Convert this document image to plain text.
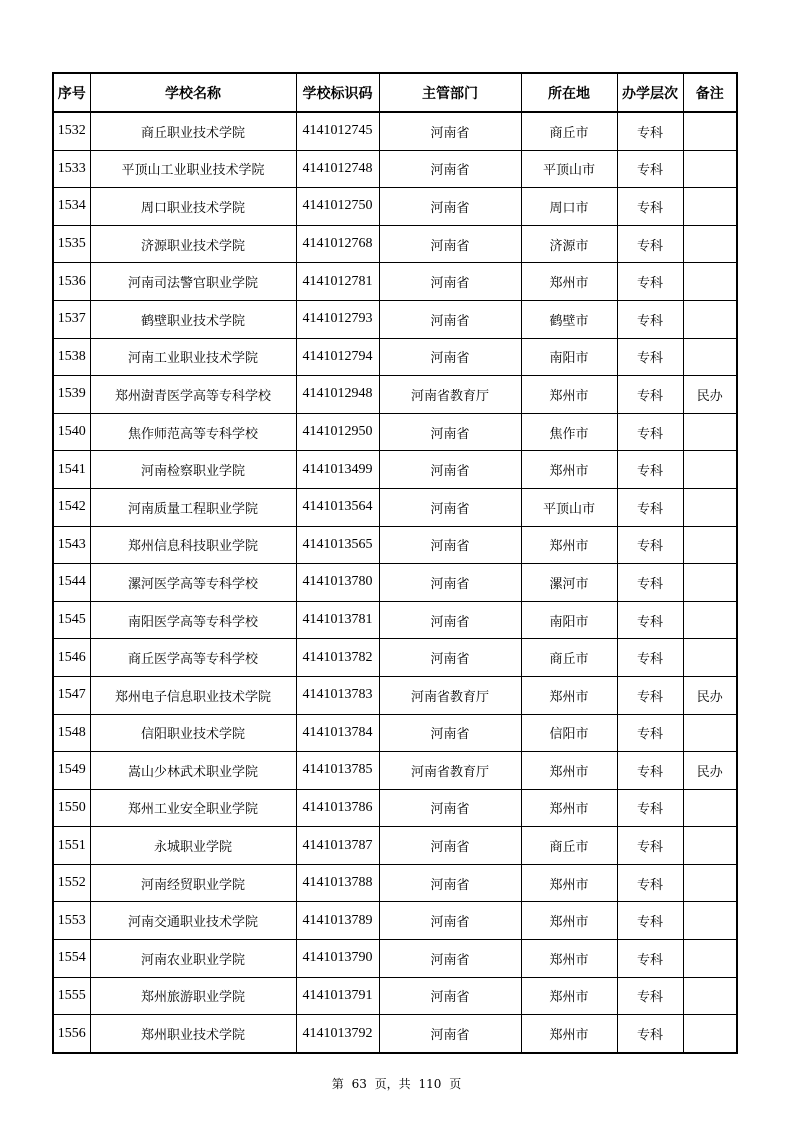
序号	学校名称	学校标识码	主管部门	所在地	办学层次	备注
1532	商丘职业技术学院	4141012745	河南省	商丘市	专科	
1533	平顶山工业职业技术学院	4141012748	河南省	平顶山市	专科	
1534	周口职业技术学院	4141012750	河南省	周口市	专科	
1535	济源职业技术学院	4141012768	河南省	济源市	专科	
1536	河南司法警官职业学院	4141012781	河南省	郑州市	专科	
1537	鹤壁职业技术学院	4141012793	河南省	鹤壁市	专科	
1538	河南工业职业技术学院	4141012794	河南省	南阳市	专科	
1539	郑州澍青医学高等专科学校	4141012948	河南省教育厅	郑州市	专科	民办
1540	焦作师范高等专科学校	4141012950	河南省	焦作市	专科	
1541	河南检察职业学院	4141013499	河南省	郑州市	专科	
1542	河南质量工程职业学院	4141013564	河南省	平顶山市	专科	
1543	郑州信息科技职业学院	4141013565	河南省	郑州市	专科	
1544	漯河医学高等专科学校	4141013780	河南省	漯河市	专科	
1545	南阳医学高等专科学校	4141013781	河南省	南阳市	专科	
1546	商丘医学高等专科学校	4141013782	河南省	商丘市	专科	
1547	郑州电子信息职业技术学院	4141013783	河南省教育厅	郑州市	专科	民办
1548	信阳职业技术学院	4141013784	河南省	信阳市	专科	
1549	嵩山少林武术职业学院	4141013785	河南省教育厅	郑州市	专科	民办
1550	郑州工业安全职业学院	4141013786	河南省	郑州市	专科	
1551	永城职业学院	4141013787	河南省	商丘市	专科	
1552	河南经贸职业学院	4141013788	河南省	郑州市	专科	
1553	河南交通职业技术学院	4141013789	河南省	郑州市	专科	
1554	河南农业职业学院	4141013790	河南省	郑州市	专科	
1555	郑州旅游职业学院	4141013791	河南省	郑州市	专科	
1556	郑州职业技术学院	4141013792	河南省	郑州市	专科	
第 63 页，共 110 页
